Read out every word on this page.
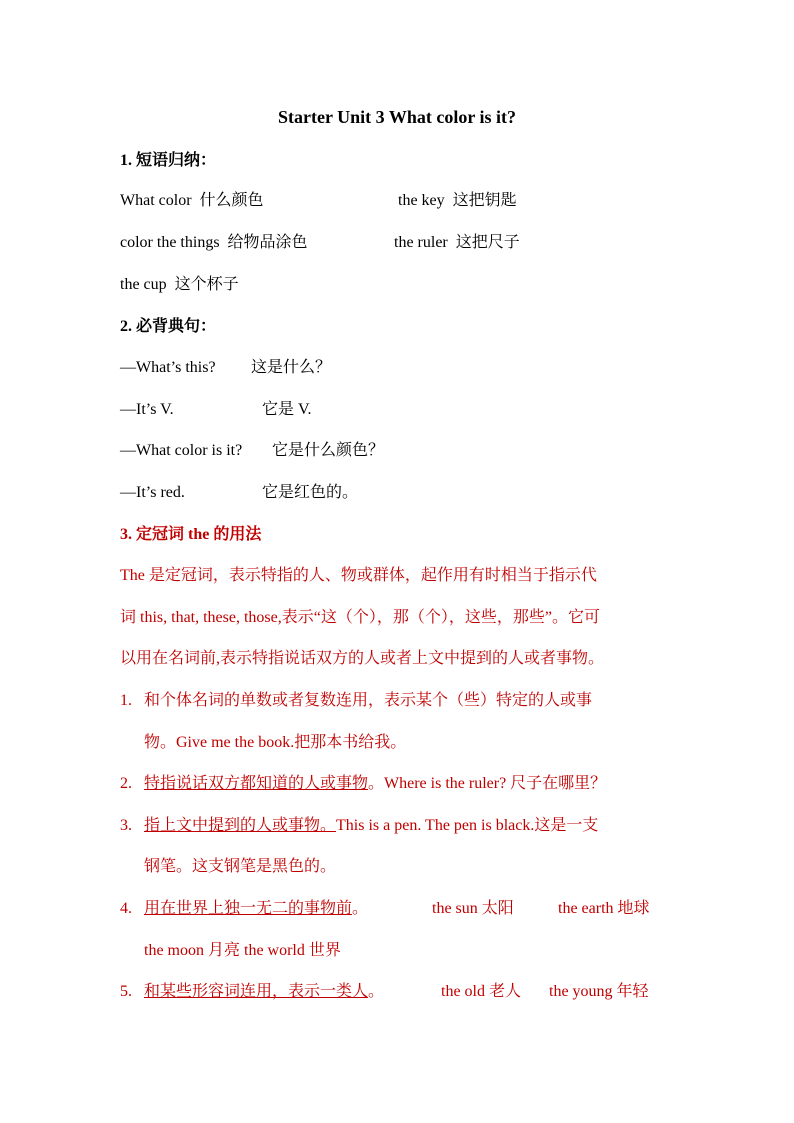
Starter Unit 3 What color is it?
1. 短语归纳：
What color 什么颜色	the key 这把钥匙
color the things 给物品涂色	the ruler 这把尺子
the cup 这个杯子
2. 必背典句：
—What’s this?	这是什么？
—It’s V.	它是 V.
—What color is it?	它是什么颜色？
—It’s red.	它是红色的。
3. 定冠词 the 的用法
The 是定冠词，表示特指的人、物或群体，起作用有时相当于指示代
词 this, that, these, those,表示“这（个），那（个），这些，那些”。它可
以用在名词前,表示特指说话双方的人或者上文中提到的人或者事物。
1. 和个体名词的单数或者复数连用，表示某个（些）特定的人或事
物。Give me the book.把那本书给我。
2. 特指说话双方都知道的人或事物。Where is the ruler? 尺子在哪里？
3. 指上文中提到的人或事物。This is a pen. The pen is black.这是一支
钢笔。这支钢笔是黑色的。
4. 用在世界上独一无二的事物前。	the sun 太阳	the earth 地球
the moon 月亮 the world 世界
5. 和某些形容词连用，表示一类人。	the old 老人	the young 年轻
